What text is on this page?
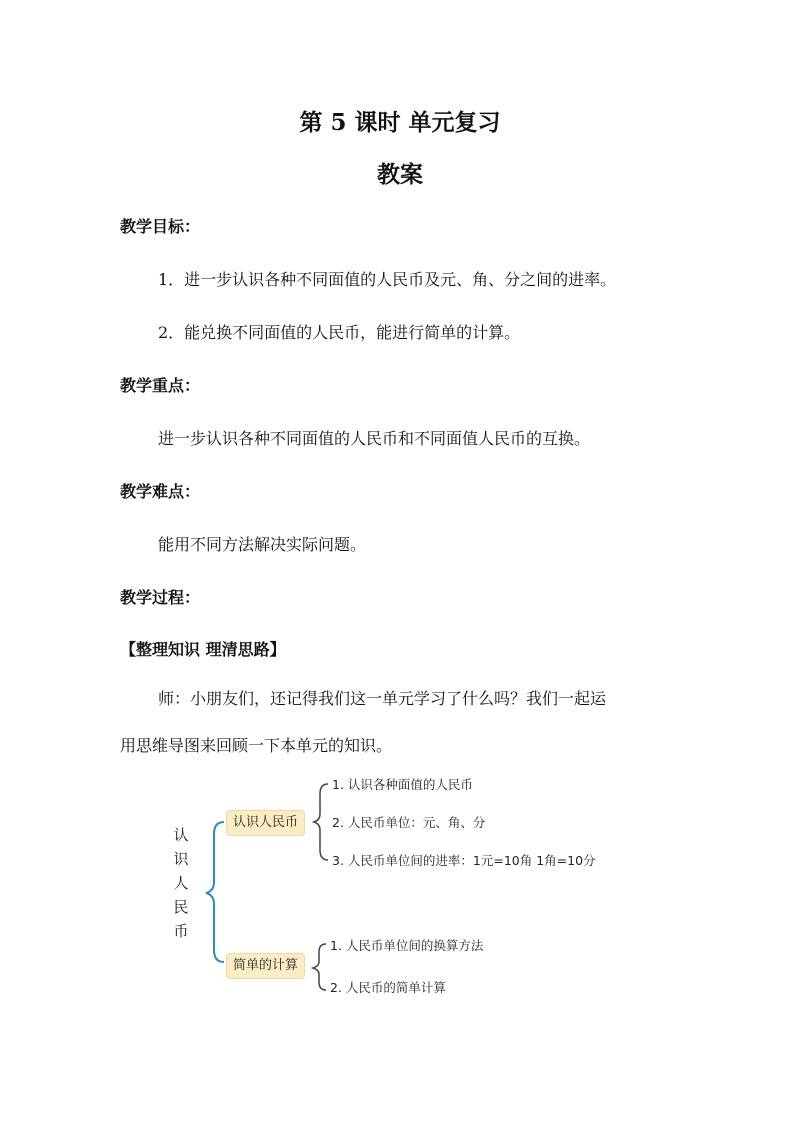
第 5 课时 单元复习
教案
教学目标：
1．进一步认识各种不同面值的人民币及元、角、分之间的进率。
2．能兑换不同面值的人民币，能进行简单的计算。
教学重点：
进一步认识各种不同面值的人民币和不同面值人民币的互换。
教学难点：
能用不同方法解决实际问题。
教学过程：
【整理知识 理清思路】
师：小朋友们，还记得我们这一单元学习了什么吗？我们一起运
用思维导图来回顾一下本单元的知识。
认
识
人
民
币
认识人民币
简单的计算
1. 认识各种面值的人民币
2. 人民币单位：元、角、分
3. 人民币单位间的进率：1元=10角 1角=10分
1. 人民币单位间的换算方法
2. 人民币的简单计算
